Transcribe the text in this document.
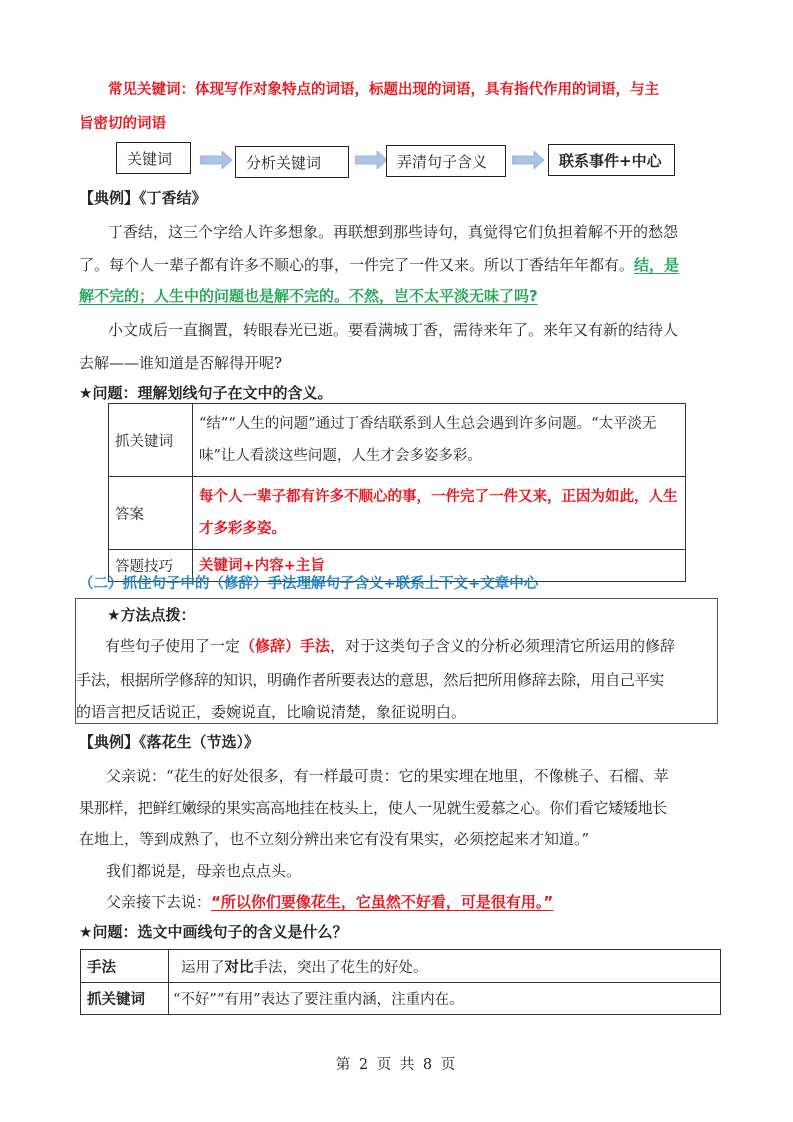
常见关键词：体现写作对象特点的词语，标题出现的词语，具有指代作用的词语，与主
旨密切的词语
关键词	分析关键词	弄清句子含义	联系事件+中心
【典例】《丁香结》
丁香结，这三个字给人许多想象。再联想到那些诗句，真觉得它们负担着解不开的愁怨
了。每个人一辈子都有许多不顺心的事，一件完了一件又来。所以丁香结年年都有。结，是
解不完的；人生中的问题也是解不完的。不然，岂不太平淡无味了吗?
小文成后一直搁置，转眼春光已逝。要看满城丁香，需待来年了。来年又有新的结待人
去解——谁知道是否解得开呢?
★问题：理解划线句子在文中的含义。
抓关键词	“结”“人生的问题”通过丁香结联系到人生总会遇到许多问题。“太平淡无味”让人看淡这些问题，人生才会多姿多彩。
答案	每个人一辈子都有许多不顺心的事，一件完了一件又来，正因为如此，人生才多彩多姿。
答题技巧	关键词+内容+主旨
（二）抓住句子中的（修辞）手法理解句子含义+联系上下文+文章中心
★方法点拨：
有些句子使用了一定（修辞）手法，对于这类句子含义的分析必须理清它所运用的修辞
手法，根据所学修辞的知识，明确作者所要表达的意思，然后把所用修辞去除，用自己平实
的语言把反话说正，委婉说直，比喻说清楚，象征说明白。
【典例】《落花生（节选）》
父亲说：“花生的好处很多，有一样最可贵：它的果实埋在地里，不像桃子、石榴、苹
果那样，把鲜红嫩绿的果实高高地挂在枝头上，使人一见就生爱慕之心。你们看它矮矮地长
在地上，等到成熟了，也不立刻分辨出来它有没有果实，必须挖起来才知道。”
我们都说是，母亲也点点头。
父亲接下去说：“所以你们要像花生，它虽然不好看，可是很有用。”
★问题：选文中画线句子的含义是什么？
手法	运用了对比手法，突出了花生的好处。
抓关键词	“不好”“有用”表达了要注重内涵，注重内在。
第 2 页 共 8 页
